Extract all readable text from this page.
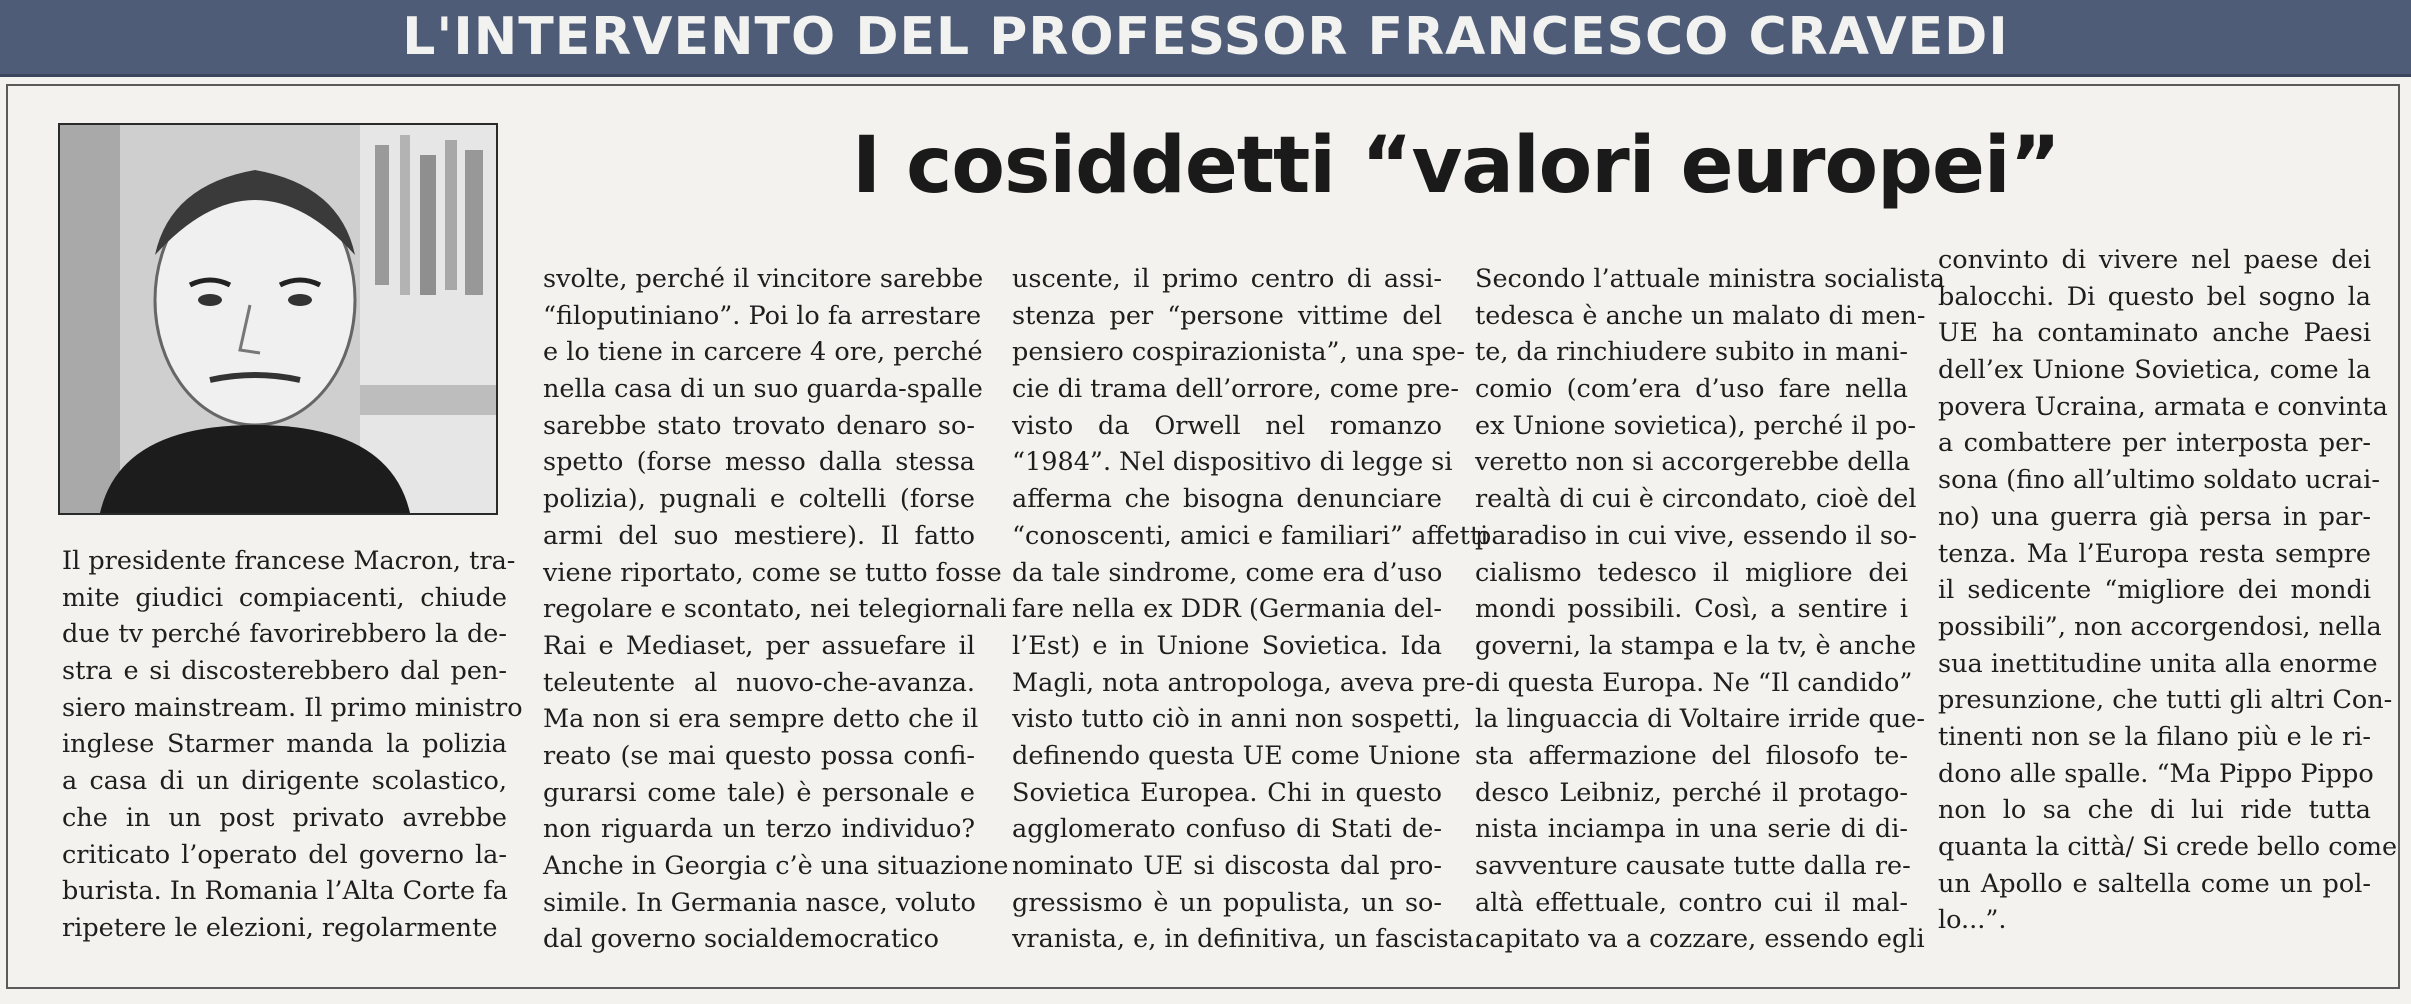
L'INTERVENTO DEL PROFESSOR FRANCESCO CRAVEDI
I cosiddetti “valori europei”
Il presidente francese Macron, tra-
mite giudici compiacenti, chiude
due tv perché favorirebbero la de-
stra e si discosterebbero dal pen-
siero mainstream. Il primo ministro
inglese Starmer manda la polizia
a casa di un dirigente scolastico,
che in un post privato avrebbe
criticato l’operato del governo la-
burista. In Romania l’Alta Corte fa
ripetere le elezioni, regolarmente
svolte, perché il vincitore sarebbe
“filoputiniano”. Poi lo fa arrestare
e lo tiene in carcere 4 ore, perché
nella casa di un suo guarda-spalle
sarebbe stato trovato denaro so-
spetto (forse messo dalla stessa
polizia), pugnali e coltelli (forse
armi del suo mestiere). Il fatto
viene riportato, come se tutto fosse
regolare e scontato, nei telegiornali
Rai e Mediaset, per assuefare il
teleutente al nuovo-che-avanza.
Ma non si era sempre detto che il
reato (se mai questo possa confi-
gurarsi come tale) è personale e
non riguarda un terzo individuo?
Anche in Georgia c’è una situazione
simile. In Germania nasce, voluto
dal governo socialdemocratico
uscente, il primo centro di assi-
stenza per “persone vittime del
pensiero cospirazionista”, una spe-
cie di trama dell’orrore, come pre-
visto da Orwell nel romanzo
“1984”. Nel dispositivo di legge si
afferma che bisogna denunciare
“conoscenti, amici e familiari” affetti
da tale sindrome, come era d’uso
fare nella ex DDR (Germania del-
l’Est) e in Unione Sovietica. Ida
Magli, nota antropologa, aveva pre-
visto tutto ciò in anni non sospetti,
definendo questa UE come Unione
Sovietica Europea. Chi in questo
agglomerato confuso di Stati de-
nominato UE si discosta dal pro-
gressismo è un populista, un so-
vranista, e, in definitiva, un fascista.
Secondo l’attuale ministra socialista
tedesca è anche un malato di men-
te, da rinchiudere subito in mani-
comio (com’era d’uso fare nella
ex Unione sovietica), perché il po-
veretto non si accorgerebbe della
realtà di cui è circondato, cioè del
paradiso in cui vive, essendo il so-
cialismo tedesco il migliore dei
mondi possibili. Così, a sentire i
governi, la stampa e la tv, è anche
di questa Europa. Ne “Il candido”
la linguaccia di Voltaire irride que-
sta affermazione del filosofo te-
desco Leibniz, perché il protago-
nista inciampa in una serie di di-
savventure causate tutte dalla re-
altà effettuale, contro cui il mal-
capitato va a cozzare, essendo egli
convinto di vivere nel paese dei
balocchi. Di questo bel sogno la
UE ha contaminato anche Paesi
dell’ex Unione Sovietica, come la
povera Ucraina, armata e convinta
a combattere per interposta per-
sona (fino all’ultimo soldato ucrai-
no) una guerra già persa in par-
tenza. Ma l’Europa resta sempre
il sedicente “migliore dei mondi
possibili”, non accorgendosi, nella
sua inettitudine unita alla enorme
presunzione, che tutti gli altri Con-
tinenti non se la filano più e le ri-
dono alle spalle. “Ma Pippo Pippo
non lo sa che di lui ride tutta
quanta la città/ Si crede bello come
un Apollo e saltella come un pol-
lo...”.
